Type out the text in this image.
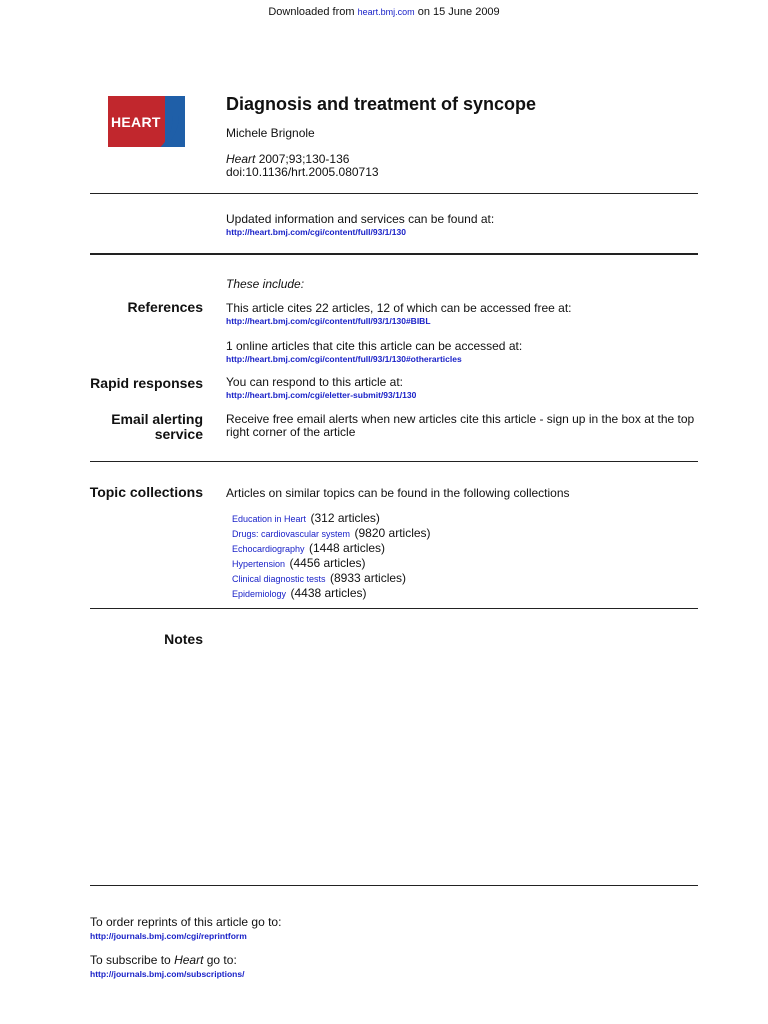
Downloaded from heart.bmj.com on 15 June 2009
HEART
Diagnosis and treatment of syncope
Michele Brignole
Heart 2007;93;130-136
doi:10.1136/hrt.2005.080713
Updated information and services can be found at:
http://heart.bmj.com/cgi/content/full/93/1/130
These include:
References This article cites 22 articles, 12 of which can be accessed free at:
http://heart.bmj.com/cgi/content/full/93/1/130#BIBL
1 online articles that cite this article can be accessed at:
http://heart.bmj.com/cgi/content/full/93/1/130#otherarticles
Rapid responses You can respond to this article at:
http://heart.bmj.com/cgi/eletter-submit/93/1/130
Email alerting
service
Receive free email alerts when new articles cite this article - sign up in the box at the top right corner of the article
Topic collections Articles on similar topics can be found in the following collections
Education in Heart (312 articles)
Drugs: cardiovascular system (9820 articles)
Echocardiography (1448 articles)
Hypertension (4456 articles)
Clinical diagnostic tests (8933 articles)
Epidemiology (4438 articles)
Notes
To order reprints of this article go to:
http://journals.bmj.com/cgi/reprintform
To subscribe to Heart go to:
http://journals.bmj.com/subscriptions/
